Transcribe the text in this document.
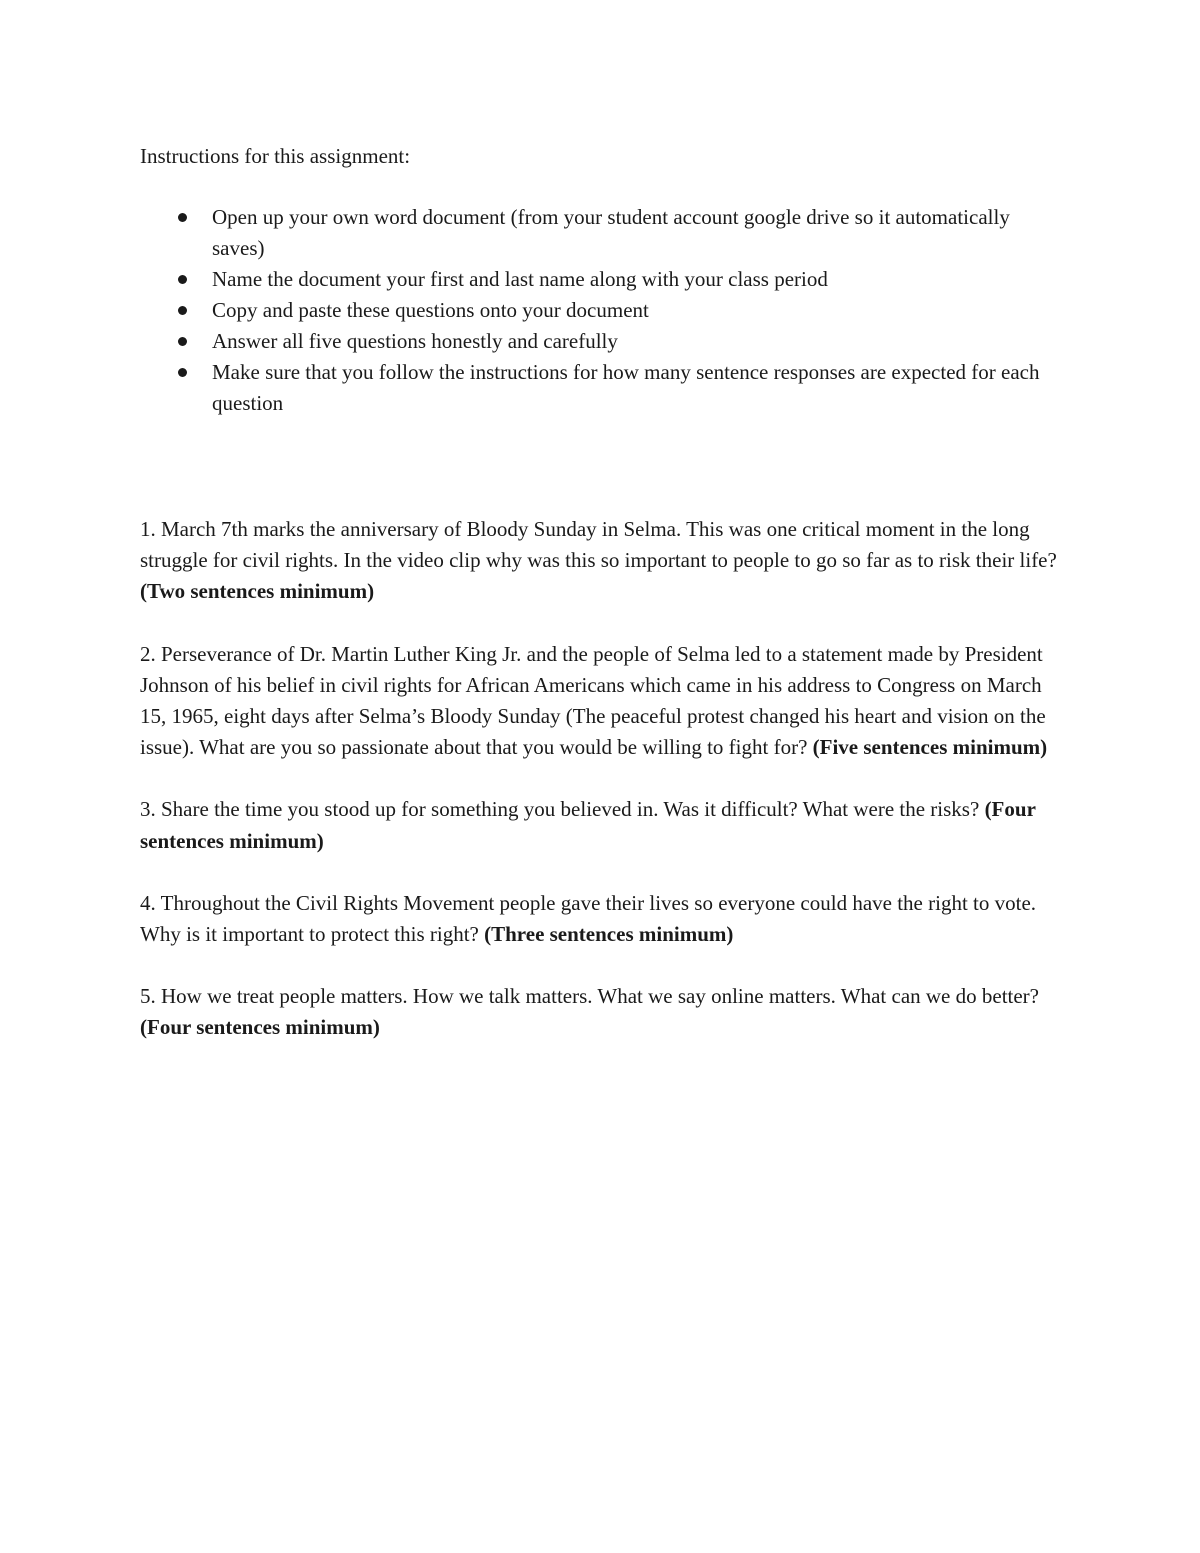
Instructions for this assignment:

Open up your own word document (from your student account google drive so it automatically saves)
Name the document your first and last name along with your class period
Copy and paste these questions onto your document
Answer all five questions honestly and carefully
Make sure that you follow the instructions for how many sentence responses are expected for each question

1. March 7th marks the anniversary of Bloody Sunday in Selma. This was one critical moment in the long struggle for civil rights. In the video clip why was this so important to people to go so far as to risk their life? (Two sentences minimum)

2. Perseverance of Dr. Martin Luther King Jr. and the people of Selma led to a statement made by President Johnson of his belief in civil rights for African Americans which came in his address to Congress on March 15, 1965, eight days after Selma’s Bloody Sunday (The peaceful protest changed his heart and vision on the issue). What are you so passionate about that you would be willing to fight for? (Five sentences minimum)

3. Share the time you stood up for something you believed in. Was it difficult? What were the risks? (Four sentences minimum)

4. Throughout the Civil Rights Movement people gave their lives so everyone could have the right to vote. Why is it important to protect this right? (Three sentences minimum)

5. How we treat people matters. How we talk matters. What we say online matters. What can we do better? (Four sentences minimum)
